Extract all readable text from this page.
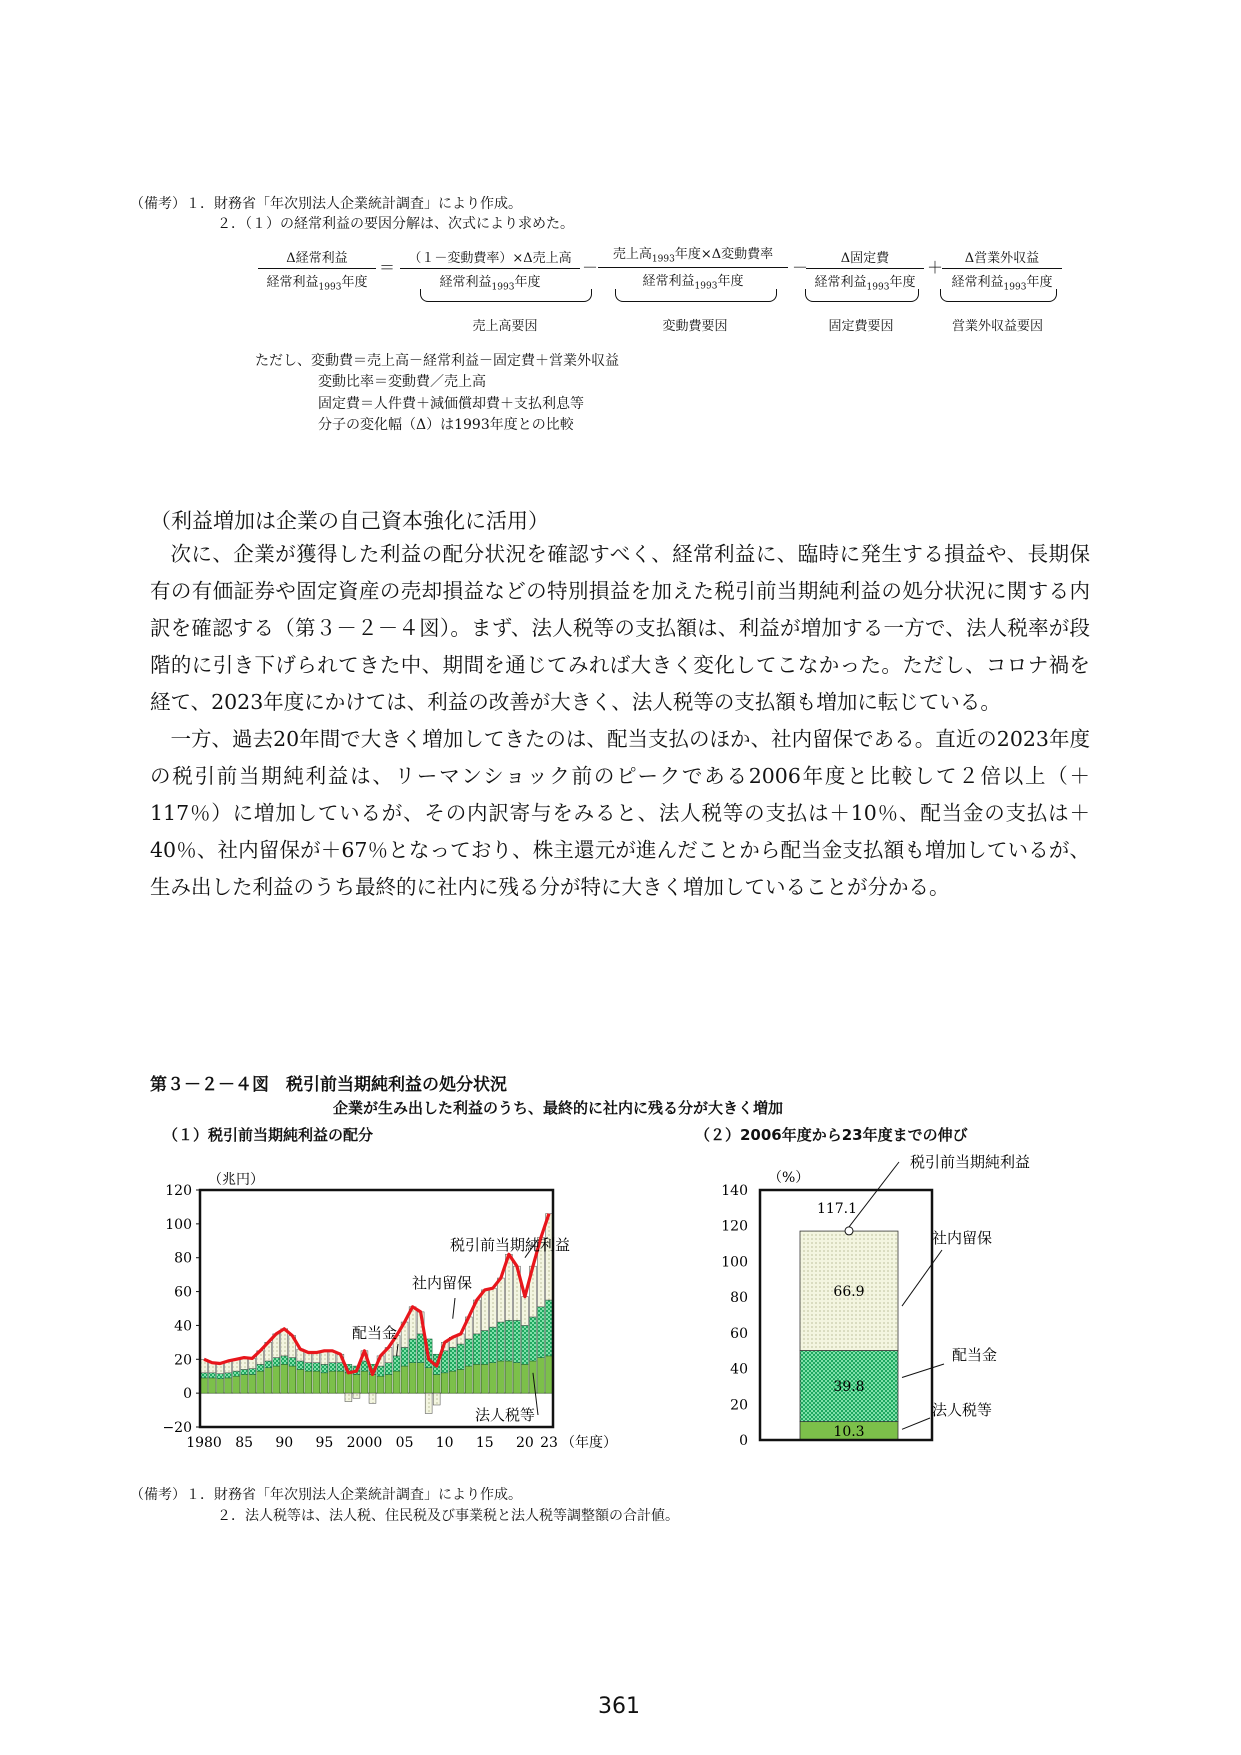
（備考）１．財務省「年次別法人企業統計調査」により作成。
２．（１）の経常利益の要因分解は、次式により求めた。
Δ経常利益
経常利益$_{1993}$年度
＝	（１－変動費率）×Δ売上高
経常利益$_{1993}$年度
－
売上高$_{1993}$年度×Δ変動費率
経常利益$_{1993}$年度
－	Δ固定費
経常利益$_{1993}$年度
＋	Δ営業外収益
経常利益$_{1993}$年度
売上高要因	変動費要因	固定費要因	営業外収益要因
ただし、変動費＝売上高－経常利益－固定費＋営業外収益
変動比率＝変動費／売上高
固定費＝人件費＋減価償却費＋支払利息等
分子の変化幅（Δ）は1993年度との比較
（利益増加は企業の自己資本強化に活用）

次に、企業が獲得した利益の配分状況を確認すべく、経常利益に、臨時に発生する損益や、長期保有の有価証券や固定資産の売却損益などの特別損益を加えた税引前当期純利益の処分状況に関する内訳を確認する（第３－２－４図）。まず、法人税等の支払額は、利益が増加する一方で、法人税率が段階的に引き下げられてきた中、期間を通じてみれば大きく変化してこなかった。ただし、コロナ禍を経て、2023年度にかけては、利益の改善が大きく、法人税等の支払額も増加に転じている。

一方、過去20年間で大きく増加してきたのは、配当支払のほか、社内留保である。直近の2023年度の税引前当期純利益は、リーマンショック前のピークである2006年度と比較して２倍以上（＋117％）に増加しているが、その内訳寄与をみると、法人税等の支払は＋10％、配当金の支払は＋40％、社内留保が＋67％となっており、株主還元が進んだことから配当金支払額も増加しているが、生み出した利益のうち最終的に社内に残る分が特に大きく増加していることが分かる。

第３－２－４図　税引前当期純利益の処分状況
企業が生み出した利益のうち、最終的に社内に残る分が大きく増加
（１）税引前当期純利益の配分	（２）2006年度から23年度までの伸び
−20
0
20
40
60
80
100
120
1980 85 90 95 2000 05 10 15 20 23 （年度）
（兆円）
税引前当期純利益
社内留保
配当金
法人税等
0
20
40
60
80
100
120
140
（%）
10.3
39.8
66.9
117.1
税引前当期純利益
社内留保
配当金
法人税等
（備考）１．財務省「年次別法人企業統計調査」により作成。
２．法人税等は、法人税、住民税及び事業税と法人税等調整額の合計値。
361
